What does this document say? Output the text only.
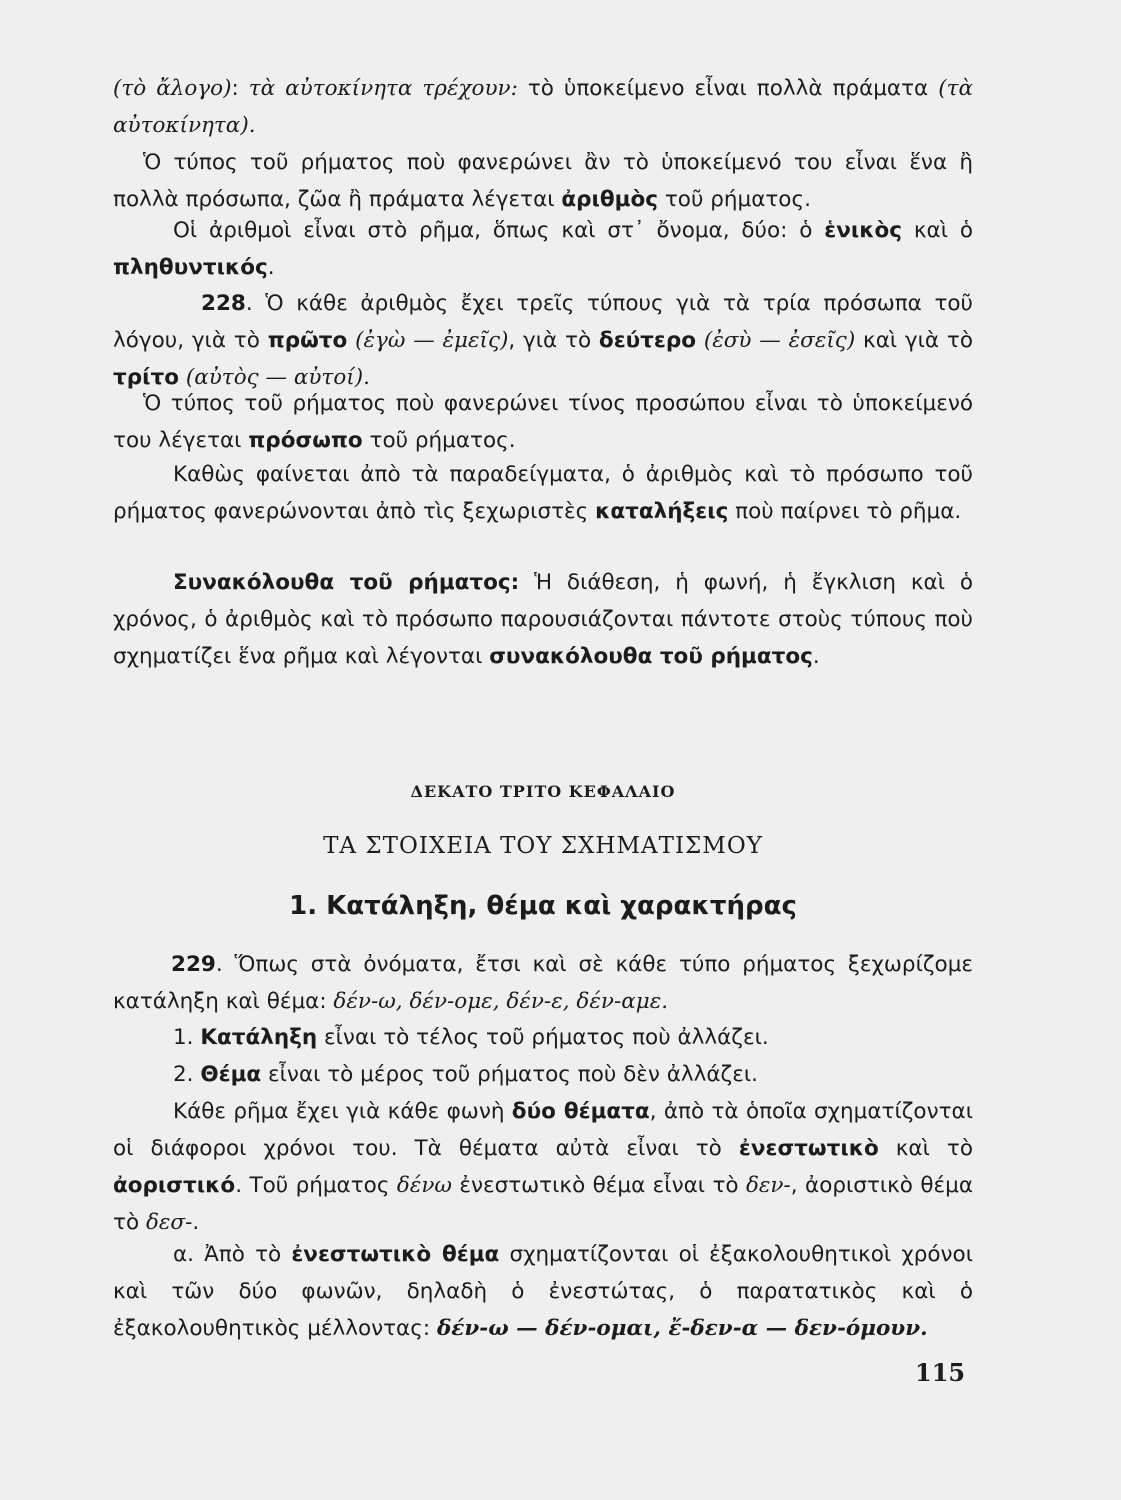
(τὸ ἄλογο): τὰ αὐτοκίνητα τρέχουν: τὸ ὑποκείμενο εἶναι πολλὰ πράματα (τὰ αὐτοκίνητα).

Ὁ τύπος τοῦ ρήματος ποὺ φανερώνει ἂν τὸ ὑποκείμενό του εἶναι ἕνα ἢ πολλὰ πρόσωπα, ζῶα ἢ πράματα λέγεται ἀριθμὸς τοῦ ρήματος.

Οἱ ἀριθμοὶ εἶναι στὸ ρῆμα, ὅπως καὶ στ᾿ ὄνομα, δύο: ὁ ἑνικὸς καὶ ὁ πληθυντικός.

228. Ὁ κάθε ἀριθμὸς ἔχει τρεῖς τύπους γιὰ τὰ τρία πρόσωπα τοῦ λόγου, γιὰ τὸ πρῶτο (ἐγὼ — ἐμεῖς), γιὰ τὸ δεύτερο (ἐσὺ — ἐσεῖς) καὶ γιὰ τὸ τρίτο (αὐτὸς — αὐτοί).

Ὁ τύπος τοῦ ρήματος ποὺ φανερώνει τίνος προσώπου εἶναι τὸ ὑποκείμενό του λέγεται πρόσωπο τοῦ ρήματος.

Καθὼς φαίνεται ἀπὸ τὰ παραδείγματα, ὁ ἀριθμὸς καὶ τὸ πρόσωπο τοῦ ρήματος φανερώνονται ἀπὸ τὶς ξεχωριστὲς καταλήξεις ποὺ παίρνει τὸ ρῆμα.

Συνακόλουθα τοῦ ρήματος: Ἡ διάθεση, ἡ φωνή, ἡ ἔγκλιση καὶ ὁ χρόνος, ὁ ἀριθμὸς καὶ τὸ πρόσωπο παρουσιάζονται πάντοτε στοὺς τύπους ποὺ σχηματίζει ἕνα ρῆμα καὶ λέγονται συνακόλουθα τοῦ ρήματος.

ΔΕΚΑΤΟ ΤΡΙΤΟ ΚΕΦΑΛΑΙΟ
ΤΑ ΣΤΟΙΧΕΙΑ ΤΟΥ ΣΧΗΜΑΤΙΣΜΟΥ
1. Κατάληξη, θέμα καὶ χαρακτήρας

229. Ὅπως στὰ ὀνόματα, ἔτσι καὶ σὲ κάθε τύπο ρήματος ξεχωρίζομε κατάληξη καὶ θέμα: δέν-ω, δέν-ομε, δέν-ε, δέν-αμε.

1. Κατάληξη εἶναι τὸ τέλος τοῦ ρήματος ποὺ ἀλλάζει.

2. Θέμα εἶναι τὸ μέρος τοῦ ρήματος ποὺ δὲν ἀλλάζει.

Κάθε ρῆμα ἔχει γιὰ κάθε φωνὴ δύο θέματα, ἀπὸ τὰ ὁποῖα σχηματίζονται οἱ διάφοροι χρόνοι του. Τὰ θέματα αὐτὰ εἶναι τὸ ἐνεστωτικὸ καὶ τὸ ἀοριστικό. Τοῦ ρήματος δένω ἐνεστωτικὸ θέμα εἶναι τὸ δεν-, ἀοριστικὸ θέμα τὸ δεσ-.

α. Ἀπὸ τὸ ἐνεστωτικὸ θέμα σχηματίζονται οἱ ἐξακολουθητικοὶ χρόνοι καὶ τῶν δύο φωνῶν, δηλαδὴ ὁ ἐνεστώτας, ὁ παρατατικὸς καὶ ὁ ἐξακολουθητικὸς μέλλοντας: δέν-ω — δέν-ομαι, ἔ-δεν-α — δεν-όμουν.

115
